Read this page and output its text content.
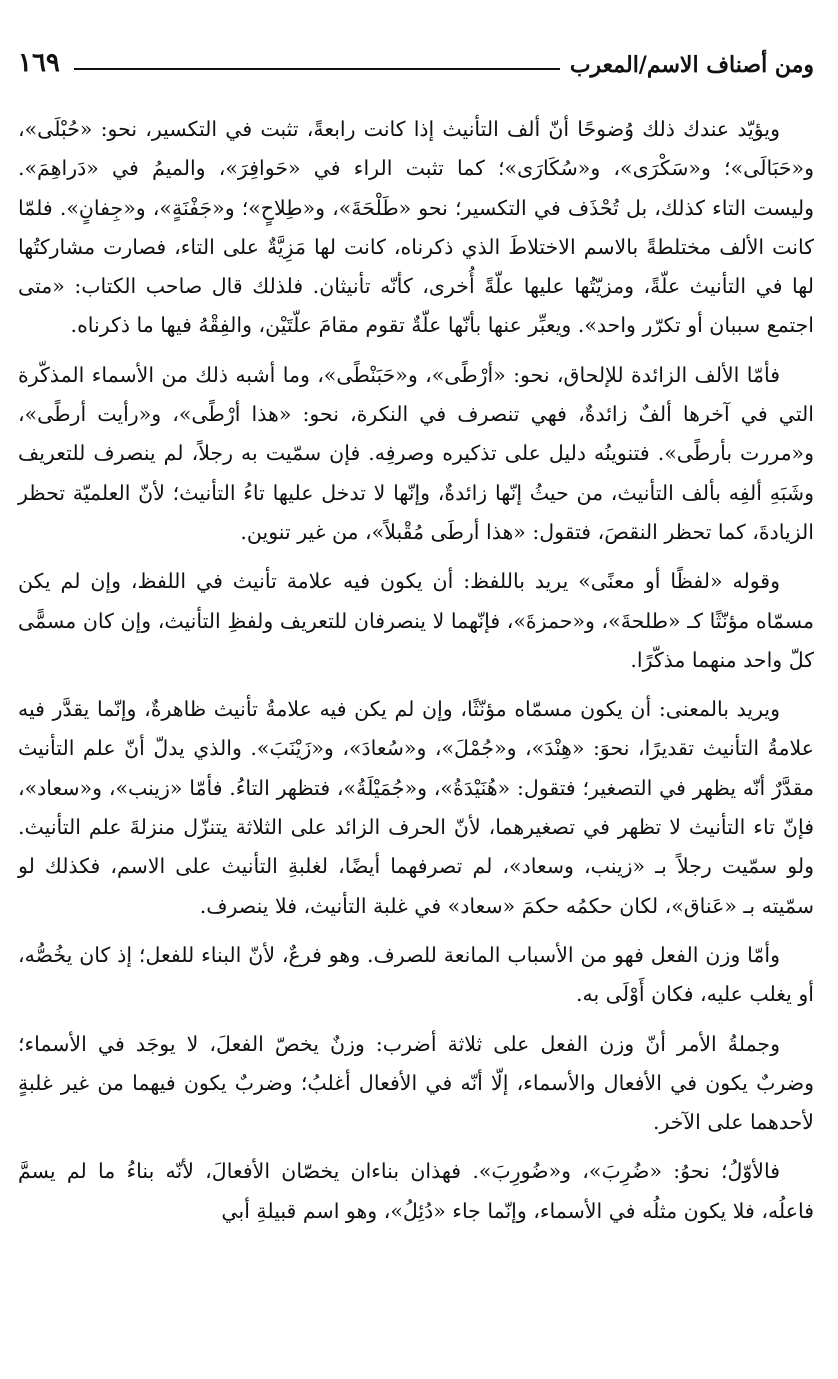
ومن أصناف الاسم/المعرب
١٦٩

ويؤيّد عندك ذلك وُضوحًا أنّ ألف التأنيث إذا كانت رابعةً، تثبت في التكسير، نحو: «حُبْلَى»، و«حَبَالَى»؛ و«سَكْرَى»، و«سُكَارَى»؛ كما تثبت الراء في «حَوافِرَ»، والميمُ في «دَراهِمَ». وليست التاء كذلك، بل تُحْذَف في التكسير؛ نحو «طَلْحَةَ»، و«طِلاحٍ»؛ و«جَفْنَةٍ»، و«جِفانٍ». فلمّا كانت الألف مختلطةً بالاسم الاختلاطَ الذي ذكرناه، كانت لها مَزِيَّةٌ على التاء، فصارت مشاركتُها لها في التأنيث علّةً، ومزيّتُها عليها علّةً أُخرى، كأنّه تأنيثان. فلذلك قال صاحب الكتاب: «متى اجتمع سببان أو تكرّر واحد». ويعبِّر عنها بأنّها علّةٌ تقوم مقامَ علّتَيْن، والفِقْهُ فيها ما ذكرناه.

فأمّا الألف الزائدة للإلحاق، نحو: «أرْطًى»، و«حَبَنْطًى»، وما أشبه ذلك من الأسماء المذكّرة التي في آخرها ألفٌ زائدةٌ، فهي تنصرف في النكرة، نحو: «هذا أرْطًى»، و«رأيت أرطًى»، و«مررت بأرطًى». فتنوينُه دليل على تذكيره وصرفِه. فإن سمّيت به رجلاً، لم ينصرف للتعريف وشَبَهِ ألفِه بألف التأنيث، من حيثُ إنّها زائدةٌ، وإنّها لا تدخل عليها تاءُ التأنيث؛ لأنّ العلميّة تحظر الزيادةَ، كما تحظر النقصَ، فتقول: «هذا أرطَى مُقْبلاً»، من غير تنوين.

وقوله «لفظًا أو معنًى» يريد باللفظ: أن يكون فيه علامة تأنيث في اللفظ، وإن لم يكن مسمّاه مؤنّثًا كـ «طلحةَ»، و«حمزةَ»، فإنّهما لا ينصرفان للتعريف ولفظِ التأنيث، وإن كان مسمًّى كلّ واحد منهما مذكّرًا.

ويريد بالمعنى: أن يكون مسمّاه مؤنّثًا، وإن لم يكن فيه علامةُ تأنيث ظاهرةٌ، وإنّما يقدَّر فيه علامةُ التأنيث تقديرًا، نحوَ: «هِنْدَ»، و«جُمْلَ»، و«سُعادَ»، و«زَيْنَبَ». والذي يدلّ أنّ علم التأنيث مقدَّرٌ أنّه يظهر في التصغير؛ فتقول: «هُنَيْدَةُ»، و«جُمَيْلَةُ»، فتظهر التاءُ. فأمّا «زينب»، و«سعاد»، فإنّ تاء التأنيث لا تظهر في تصغيرهما، لأنّ الحرف الزائد على الثلاثة يتنزّل منزلةَ علم التأنيث. ولو سمّيت رجلاً بـ «زينب، وسعاد»، لم تصرفهما أيضًا، لغلبةِ التأنيث على الاسم، فكذلك لو سمّيته بـ «عَناق»، لكان حكمُه حكمَ «سعاد» في غلبة التأنيث، فلا ينصرف.

وأمّا وزن الفعل فهو من الأسباب المانعة للصرف. وهو فرعٌ، لأنّ البناء للفعل؛ إذ كان يخُصُّه، أو يغلب عليه، فكان أَوْلَى به.

وجملةُ الأمر أنّ وزن الفعل على ثلاثة أضرب: وزنٌ يخصّ الفعلَ، لا يوجَد في الأسماء؛ وضربٌ يكون في الأفعال والأسماء، إلّا أنّه في الأفعال أغلبُ؛ وضربٌ يكون فيهما من غير غلبةٍ لأحدهما على الآخر.

فالأوّلُ؛ نحوُ: «ضُرِبَ»، و«ضُورِبَ». فهذان بناءان يخصّان الأفعالَ، لأنّه بناءُ ما لم يسمَّ فاعلُه، فلا يكون مثلُه في الأسماء، وإنّما جاء «دُئِلُ»، وهو اسم قبيلةِ أبي
